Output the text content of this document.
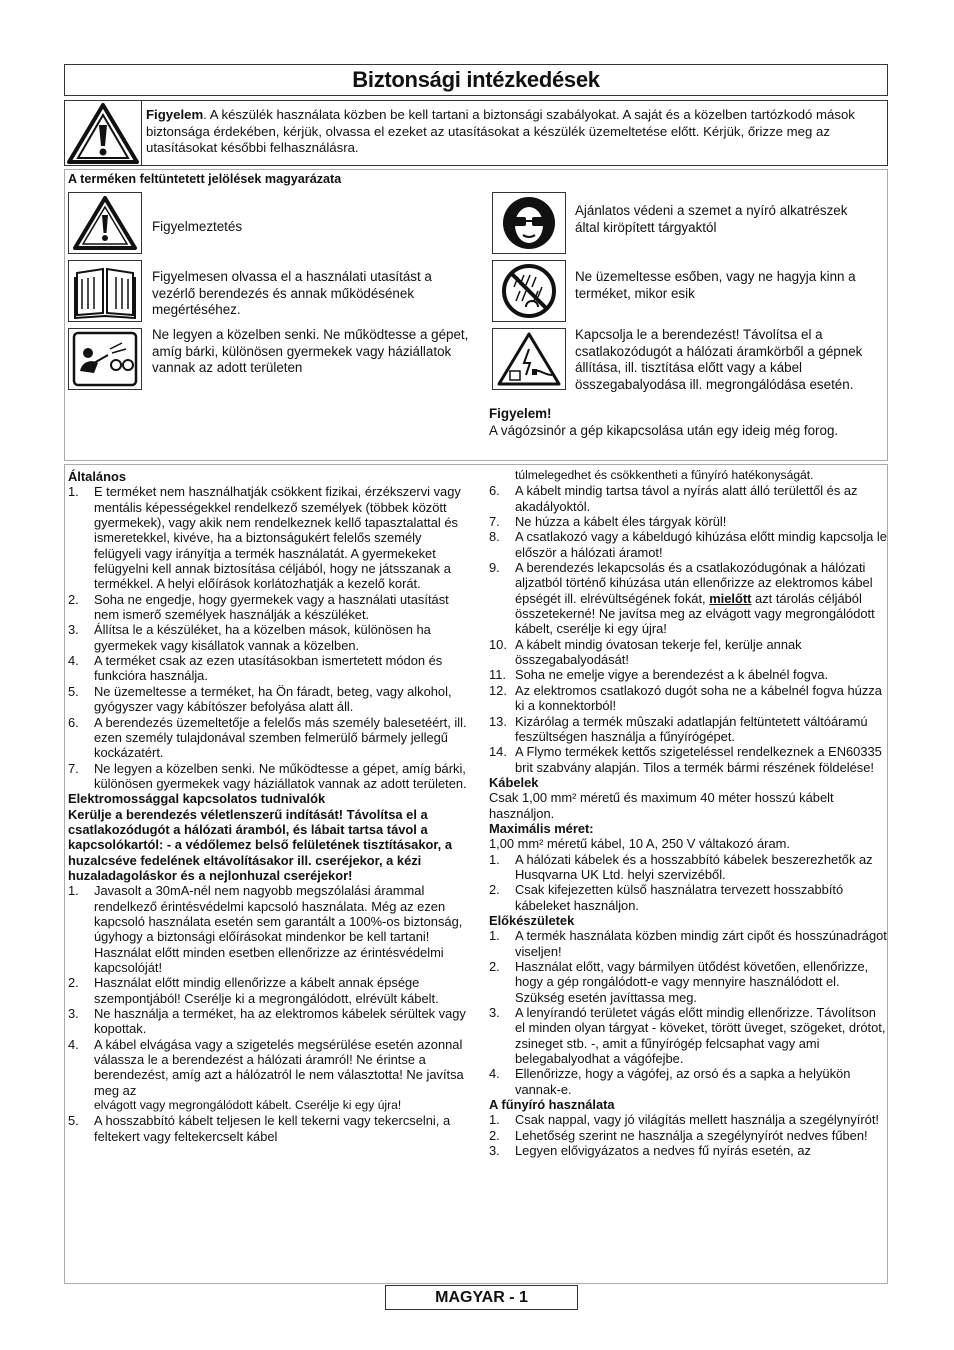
Biztonsági intézkedések
Figyelem. A készülék használata közben be kell tartani a biztonsági szabályokat. A saját és a közelben tartózkodó mások biztonsága érdekében, kérjük, olvassa el ezeket az utasításokat a készülék üzemeltetése előtt. Kérjük, őrizze meg az utasításokat későbbi felhasználásra.
A terméken feltüntetett jelölések magyarázata
Figyelmeztetés
Figyelmesen olvassa el a használati utasítást a vezérlő berendezés és annak működésének megértéséhez.
Ne legyen a közelben senki. Ne működtesse a gépet, amíg bárki, különösen gyermekek vagy háziállatok vannak az adott területen
Ajánlatos védeni a szemet a nyíró alkatrészek által kiröpített tárgyaktól
Ne üzemeltesse esőben, vagy ne hagyja kinn a terméket, mikor esik
Kapcsolja le a berendezést! Távolítsa el a csatlakozódugót a hálózati áramkörből a gépnek állítása, ill. tisztítása előtt vagy a kábel összegabalyodása ill. megrongálódása esetén.
Figyelem!
A vágózsinór a gép kikapcsolása után egy ideig még forog.
Általános
1.	E terméket nem használhatják csökkent fizikai, érzékszervi vagy mentális képességekkel rendelkező személyek (többek között gyermekek), vagy akik nem rendelkeznek kellő tapasztalattal és ismeretekkel, kivéve, ha a biztonságukért felelős személy felügyeli vagy irányítja a termék használatát. A gyermekeket felügyelni kell annak biztosítása céljából, hogy ne játsszanak a termékkel. A helyi előírások korlátozhatják a kezelő korát.
2.	Soha ne engedje, hogy gyermekek vagy a használati utasítást nem ismerő személyek használják a készüléket.
3.	Állítsa le a készüléket, ha a közelben mások, különösen ha gyermekek vagy kisállatok vannak a közelben.
4.	A terméket csak az ezen utasításokban ismertetett módon és funkcióra használja.
5.	Ne üzemeltesse a terméket, ha Ön fáradt, beteg, vagy alkohol, gyógyszer vagy kábítószer befolyása alatt áll.
6.	A berendezés üzemeltetője a felelős más személy balesetéért, ill. ezen személy tulajdonával szemben felmerülő bármely jellegű kockázatért.
7.	Ne legyen a közelben senki. Ne működtesse a gépet, amíg bárki, különösen gyermekek vagy háziállatok vannak az adott területen.
Elektromossággal kapcsolatos tudnivalók
Kerülje a berendezés véletlenszerű indítását! Távolítsa el a csatlakozódugót a hálózati áramból, és lábait tartsa távol a kapcsolókartól: - a védőlemez belső felületének tisztításakor, a huzalcséve fedelének eltávolításakor ill. cseréjekor, a kézi huzaladagoláskor és a nejlonhuzal cseréjekor!
1.	Javasolt a 30mA-nél nem nagyobb megszólalási árammal rendelkező érintésvédelmi kapcsoló használata. Még az ezen kapcsoló használata esetén sem garantált a 100%-os biztonság, úgyhogy a biztonsági előírásokat mindenkor be kell tartani! Használat előtt minden esetben ellenőrizze az érintésvédelmi kapcsolóját!
2.	Használat előtt mindig ellenőrizze a kábelt annak épsége szempontjából! Cserélje ki a megrongálódott, elrévült kábelt.
3.	Ne használja a terméket, ha az elektromos kábelek sérültek vagy kopottak.
4.	A kábel elvágása vagy a szigetelés megsérülése esetén azonnal válassza le a berendezést a hálózati áramról! Ne érintse a berendezést, amíg azt a hálózatról le nem választotta! Ne javítsa meg az
elvágott vagy megrongálódott kábelt. Cserélje ki egy újra!
5.	A hosszabbító kábelt teljesen le kell tekerni vagy tekercselni, a feltekert vagy feltekercselt kábel
túlmelegedhet és csökkentheti a fűnyíró hatékonyságát.
6.	A kábelt mindig tartsa távol a nyírás alatt álló területtől és az akadályoktól.
7.	Ne húzza a kábelt éles tárgyak körül!
8.	A csatlakozó vagy a kábeldugó kihúzása előtt mindig kapcsolja le először a hálózati áramot!
9.	A berendezés lekapcsolás és a csatlakozódugónak a hálózati aljzatból történő kihúzása után ellenőrizze az elektromos kábel épségét ill. elrévültségének fokát, mielőtt azt tárolás céljából összetekerné! Ne javítsa meg az elvágott vagy megrongálódott kábelt, cserélje ki egy újra!
10. A kábelt mindig óvatosan tekerje fel, kerülje annak összegabalyodását!
11. Soha ne emelje vigye a berendezést a k ábelnél fogva.
12. Az elektromos csatlakozó dugót soha ne a kábelnél fogva húzza ki a konnektorból!
13. Kizárólag a termék mûszaki adatlapján feltüntetett váltóáramú feszültségen használja a fűnyírógépet.
14. A Flymo termékek kettős szigeteléssel rendelkeznek a EN60335 brit szabvány alapján. Tilos a termék bármi részének földelése!
Kábelek
Csak 1,00 mm² méretű és maximum 40 méter hosszú kábelt használjon.
Maximális méret:
1,00 mm² méretű kábel, 10 A, 250 V váltakozó áram.
1.	A hálózati kábelek és a hosszabbító kábelek beszerezhetők az Husqvarna UK Ltd. helyi szervizéből.
2.	Csak kifejezetten külső használatra tervezett hosszabbító kábeleket használjon.
Előkészületek
1.	A termék használata közben mindig zárt cipőt és hosszúnadrágot viseljen!
2.	Használat előtt, vagy bármilyen ütődést követően, ellenőrizze, hogy a gép rongálódott-e vagy mennyire használódott el. Szükség esetén javíttassa meg.
3.	A lenyírandó területet vágás előtt mindig ellenőrizze. Távolítson el minden olyan tárgyat - köveket, törött üveget, szögeket, drótot, zsineget stb. -, amit a fűnyírógép felcsaphat vagy ami belegabalyodhat a vágófejbe.
4.	Ellenőrizze, hogy a vágófej, az orsó és a sapka a helyükön vannak-e.
A fűnyíró használata
1.	Csak nappal, vagy jó világítás mellett használja a szegélynyírót!
2.	Lehetőség szerint ne használja a szegélynyírót nedves fűben!
3.	Legyen elővigyázatos a nedves fű nyírás esetén, az
MAGYAR - 1
